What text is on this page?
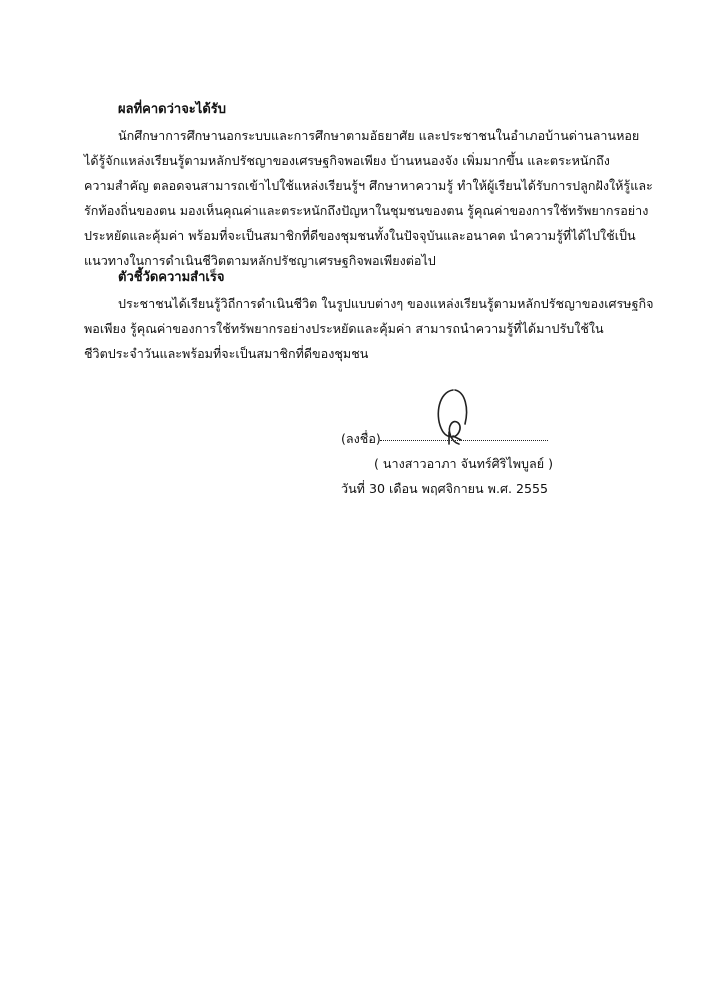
ผลที่คาดว่าจะได้รับ
นักศึกษาการศึกษานอกระบบและการศึกษาตามอัธยาศัย และประชาชนในอำเภอบ้านด่านลานหอย
ได้รู้จักแหล่งเรียนรู้ตามหลักปรัชญาของเศรษฐกิจพอเพียง บ้านหนองจัง เพิ่มมากขึ้น และตระหนักถึง
ความสำคัญ ตลอดจนสามารถเข้าไปใช้แหล่งเรียนรู้ฯ ศึกษาหาความรู้ ทำให้ผู้เรียนได้รับการปลูกฝังให้รู้และ
รักท้องถิ่นของตน มองเห็นคุณค่าและตระหนักถึงปัญหาในชุมชนของตน รู้คุณค่าของการใช้ทรัพยากรอย่าง
ประหยัดและคุ้มค่า พร้อมที่จะเป็นสมาชิกที่ดีของชุมชนทั้งในปัจจุบันและอนาคต นำความรู้ที่ได้ไปใช้เป็น
แนวทางในการดำเนินชีวิตตามหลักปรัชญาเศรษฐกิจพอเพียงต่อไป
ตัวชี้วัดความสำเร็จ
ประชาชนได้เรียนรู้วิถีการดำเนินชีวิต ในรูปแบบต่างๆ ของแหล่งเรียนรู้ตามหลักปรัชญาของเศรษฐกิจ
พอเพียง รู้คุณค่าของการใช้ทรัพยากรอย่างประหยัดและคุ้มค่า สามารถนำความรู้ที่ได้มาปรับใช้ใน
ชีวิตประจำวันและพร้อมที่จะเป็นสมาชิกที่ดีของชุมชน
(ลงชื่อ)
( นางสาวอาภา จันทร์ศิริไพบูลย์ )
วันที่ 30 เดือน พฤศจิกายน พ.ศ. 2555
